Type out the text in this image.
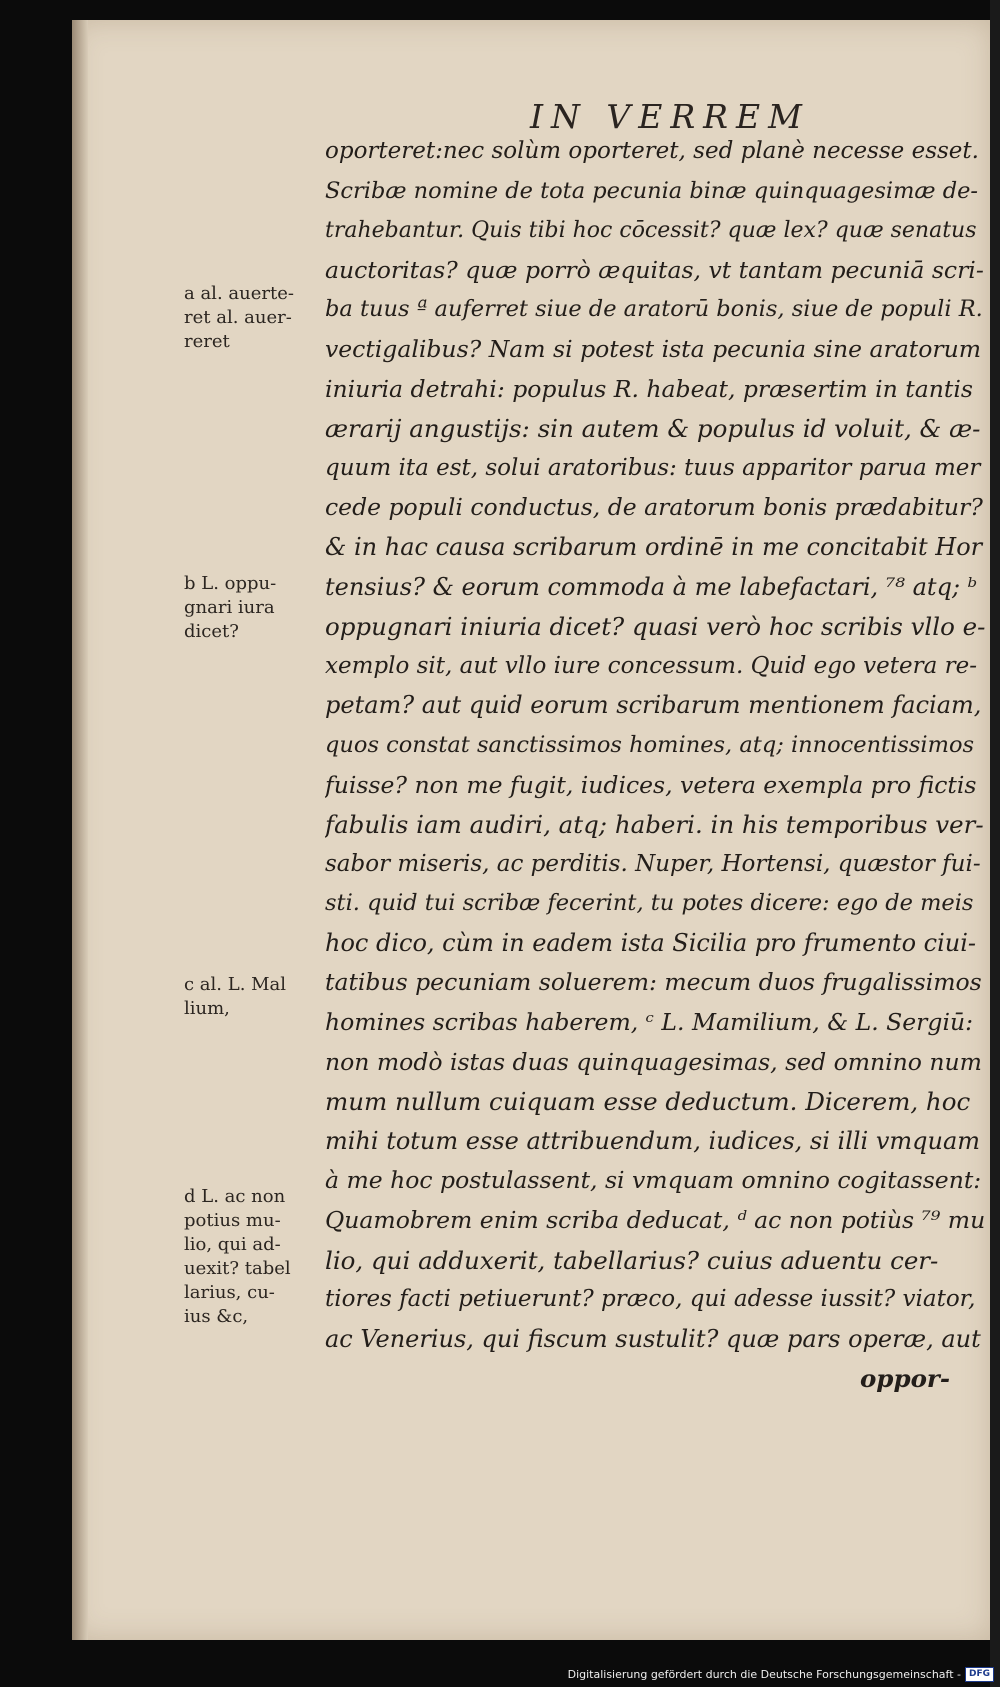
IN VERREM
oporteret:nec solùm oporteret, sed planè necesse esset.
Scribæ nomine de tota pecunia binæ quinquagesimæ de-
trahebantur. Quis tibi hoc cōcessit? quæ lex? quæ senatus
auctoritas? quæ porrò æquitas, vt tantam pecuniā scri-
ba tuus ª auferret siue de aratorū bonis, siue de populi R.
vectigalibus? Nam si potest ista pecunia sine aratorum
iniuria detrahi: populus R. habeat, præsertim in tantis
ærarij angustijs: sin autem & populus id voluit, & æ-
quum ita est, solui aratoribus: tuus apparitor parua mer
cede populi conductus, de aratorum bonis prædabitur?
& in hac causa scribarum ordinē in me concitabit Hor
tensius? & eorum commoda à me labefactari, ⁷⁸ atq; ᵇ
oppugnari iniuria dicet? quasi verò hoc scribis vllo e-
xemplo sit, aut vllo iure concessum. Quid ego vetera re-
petam? aut quid eorum scribarum mentionem faciam,
quos constat sanctissimos homines, atq; innocentissimos
fuisse? non me fugit, iudices, vetera exempla pro fictis
fabulis iam audiri, atq; haberi. in his temporibus ver-
sabor miseris, ac perditis. Nuper, Hortensi, quæstor fui-
sti. quid tui scribæ fecerint, tu potes dicere: ego de meis
hoc dico, cùm in eadem ista Sicilia pro frumento ciui-
tatibus pecuniam soluerem: mecum duos frugalissimos
homines scribas haberem, ᶜ L. Mamilium, & L. Sergiū:
non modò istas duas quinquagesimas, sed omnino num
mum nullum cuiquam esse deductum. Dicerem, hoc
mihi totum esse attribuendum, iudices, si illi vmquam
à me hoc postulassent, si vmquam omnino cogitassent:
Quamobrem enim scriba deducat, ᵈ ac non potiùs ⁷⁹ mu
lio, qui adduxerit, tabellarius? cuius aduentu cer-
tiores facti petiuerunt? præco, qui adesse iussit? viator,
ac Venerius, qui fiscum sustulit? quæ pars operæ, aut
oppor-
a al. auerte-
ret al. auer-
reret
b L. oppu-
gnari iura
dicet?
c al. L. Mal
lium,
d L. ac non
potius mu-
lio, qui ad-
uexit? tabel
larius, cu-
ius &c,
Digitalisierung gefördert durch die Deutsche Forschungsgemeinschaft - DFG
